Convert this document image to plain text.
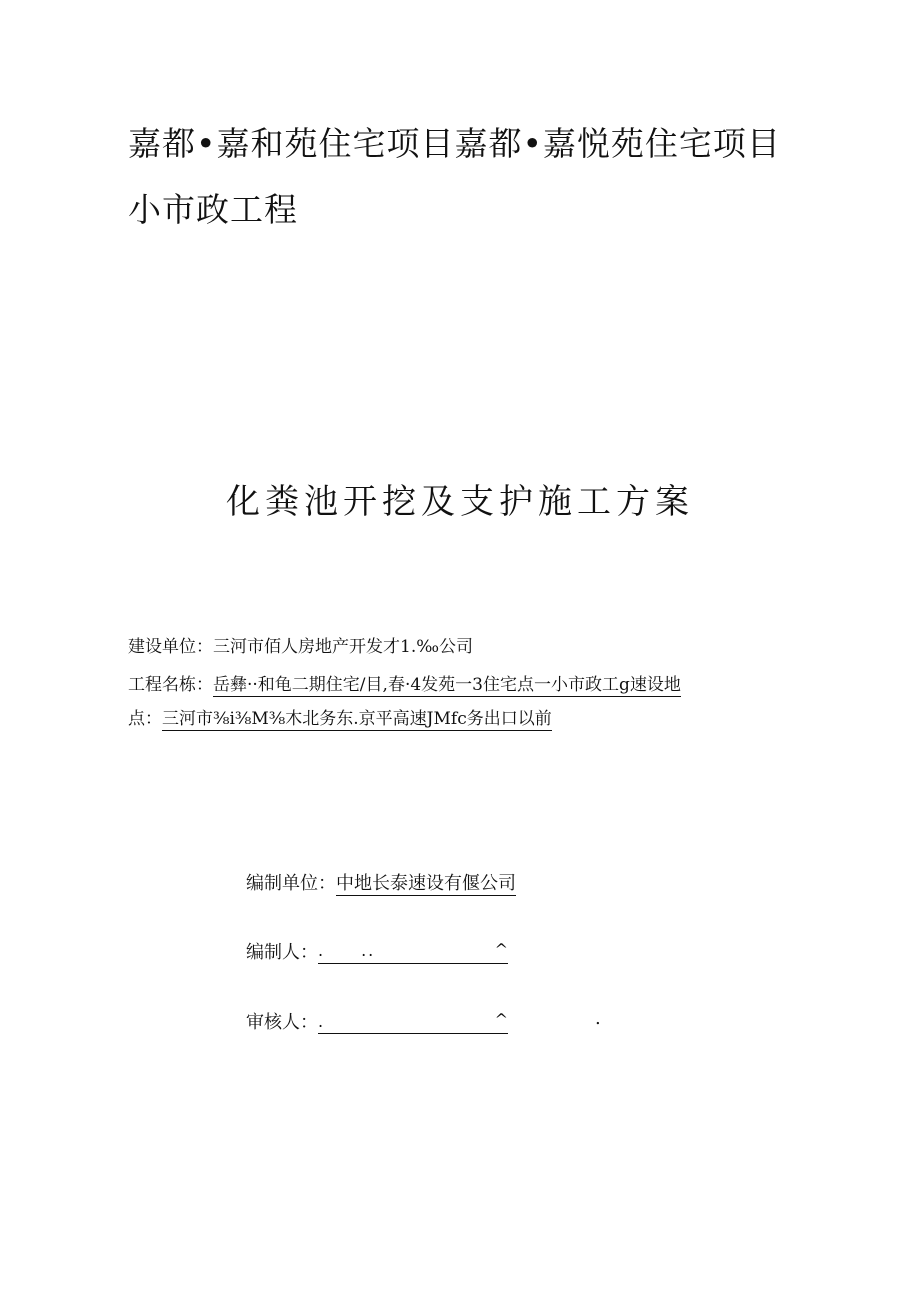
嘉都•嘉和苑住宅项目嘉都•嘉悦苑住宅项目
小市政工程
化粪池开挖及支护施工方案
建设单位：三河市佰人房地产开发才1.‰公司
工程名栋：岳彝··和龟二期住宅/目,春·4发苑一3住宅点一小市政工g速设地
点：三河市⅜i⅜M⅜木北务东.京平高速JMfc务出口以前
编制单位：中地长泰速设有偃公司
编制人： .　　..	^
审核人： .	^	.
